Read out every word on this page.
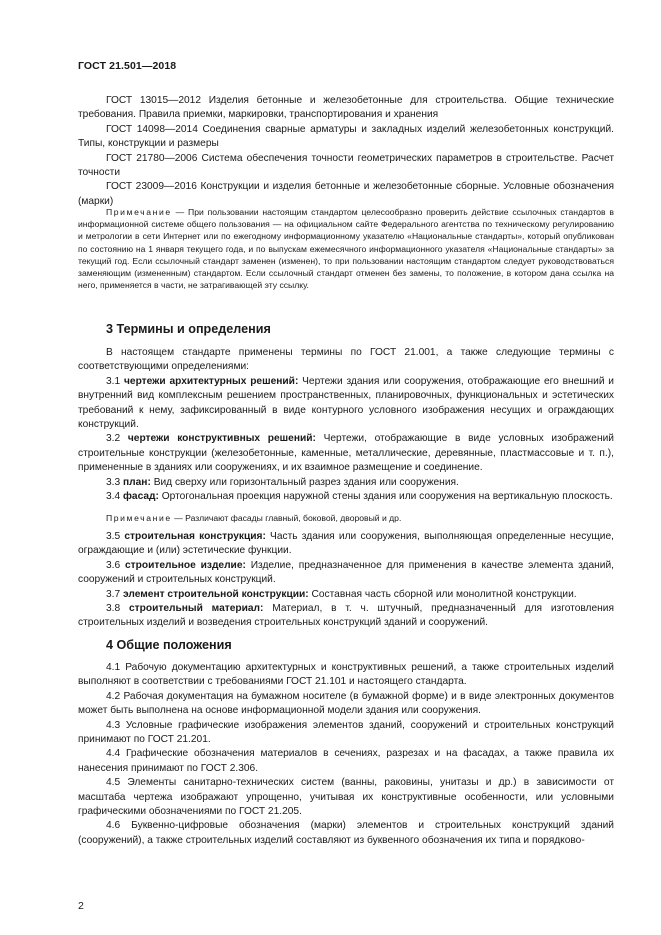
ГОСТ 21.501—2018

ГОСТ 13015—2012 Изделия бетонные и железобетонные для строительства. Общие технические требования. Правила приемки, маркировки, транспортирования и хранения

ГОСТ 14098—2014 Соединения сварные арматуры и закладных изделий железобетонных конструкций. Типы, конструкции и размеры

ГОСТ 21780—2006 Система обеспечения точности геометрических параметров в строительстве. Расчет точности

ГОСТ 23009—2016 Конструкции и изделия бетонные и железобетонные сборные. Условные обозначения (марки)

Примечание — При пользовании настоящим стандартом целесообразно проверить действие ссылочных стандартов в информационной системе общего пользования — на официальном сайте Федерального агентства по техническому регулированию и метрологии в сети Интернет или по ежегодному информационному указателю «Национальные стандарты», который опубликован по состоянию на 1 января текущего года, и по выпускам ежемесячного информационного указателя «Национальные стандарты» за текущий год. Если ссылочный стандарт заменен (изменен), то при пользовании настоящим стандартом следует руководствоваться заменяющим (измененным) стандартом. Если ссылочный стандарт отменен без замены, то положение, в котором дана ссылка на него, применяется в части, не затрагивающей эту ссылку.

3 Термины и определения

В настоящем стандарте применены термины по ГОСТ 21.001, а также следующие термины с соответствующими определениями:

3.1 чертежи архитектурных решений: Чертежи здания или сооружения, отображающие его внешний и внутренний вид комплексным решением пространственных, планировочных, функциональных и эстетических требований к нему, зафиксированный в виде контурного условного изображения несущих и ограждающих конструкций.

3.2 чертежи конструктивных решений: Чертежи, отображающие в виде условных изображений строительные конструкции (железобетонные, каменные, металлические, деревянные, пластмассовые и т. п.), примененные в зданиях или сооружениях, и их взаимное размещение и соединение.

3.3 план: Вид сверху или горизонтальный разрез здания или сооружения.

3.4 фасад: Ортогональная проекция наружной стены здания или сооружения на вертикальную плоскость.

Примечание — Различают фасады главный, боковой, дворовый и др.

3.5 строительная конструкция: Часть здания или сооружения, выполняющая определенные несущие, ограждающие и (или) эстетические функции.

3.6 строительное изделие: Изделие, предназначенное для применения в качестве элемента зданий, сооружений и строительных конструкций.

3.7 элемент строительной конструкции: Составная часть сборной или монолитной конструкции.

3.8 строительный материал: Материал, в т. ч. штучный, предназначенный для изготовления строительных изделий и возведения строительных конструкций зданий и сооружений.

4 Общие положения

4.1 Рабочую документацию архитектурных и конструктивных решений, а также строительных изделий выполняют в соответствии с требованиями ГОСТ 21.101 и настоящего стандарта.

4.2 Рабочая документация на бумажном носителе (в бумажной форме) и в виде электронных документов может быть выполнена на основе информационной модели здания или сооружения.

4.3 Условные графические изображения элементов зданий, сооружений и строительных конструкций принимают по ГОСТ 21.201.

4.4 Графические обозначения материалов в сечениях, разрезах и на фасадах, а также правила их нанесения принимают по ГОСТ 2.306.

4.5 Элементы санитарно-технических систем (ванны, раковины, унитазы и др.) в зависимости от масштаба чертежа изображают упрощенно, учитывая их конструктивные особенности, или условными графическими обозначениями по ГОСТ 21.205.

4.6 Буквенно-цифровые обозначения (марки) элементов и строительных конструкций зданий (сооружений), а также строительных изделий составляют из буквенного обозначения их типа и порядково-

2
